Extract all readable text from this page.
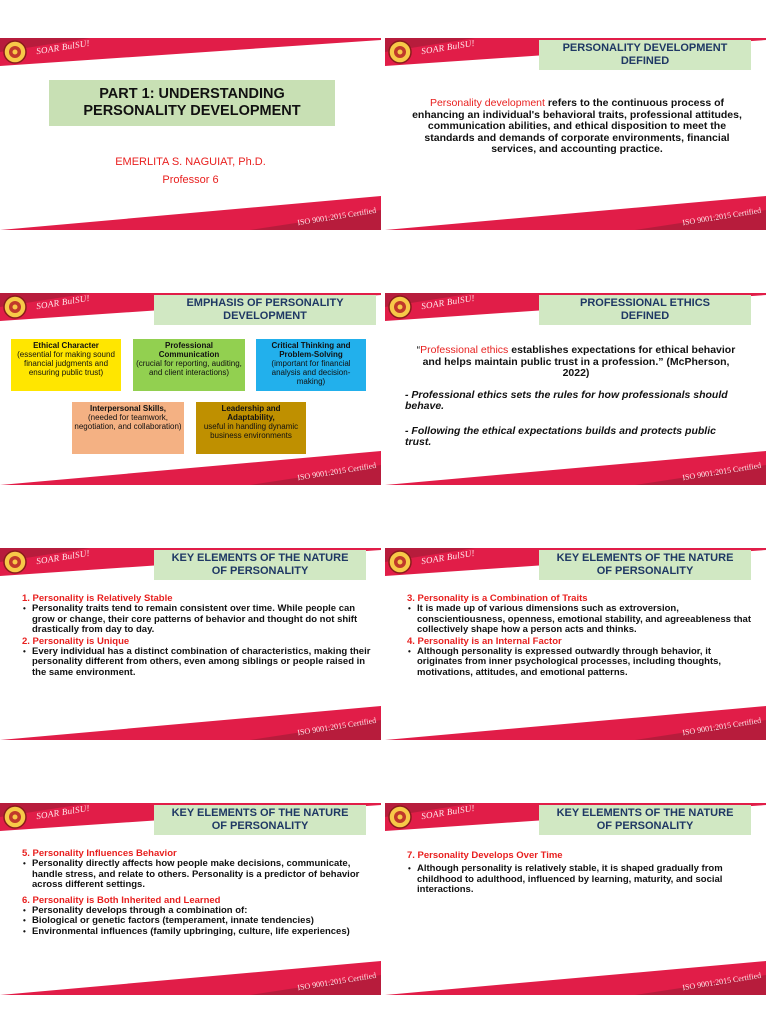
SOAR BulSU!
PART 1: UNDERSTANDING
PERSONALITY DEVELOPMENT
EMERLITA S. NAGUIAT, Ph.D.
Professor 6
ISO 9001:2015 Certified
SOAR BulSU!	PERSONALITY DEVELOPMENT DEFINED
Personality development refers to the continuous process of enhancing an individual's behavioral traits, professional attitudes, communication abilities, and ethical disposition to meet the standards and demands of corporate environments, financial services, and accounting practice.
ISO 9001:2015 Certified
SOAR BulSU!	EMPHASIS OF PERSONALITY DEVELOPMENT
Ethical Character
(essential for making sound financial judgments and ensuring public trust)
Professional Communication
(crucial for reporting, auditing, and client interactions)
Critical Thinking and Problem-Solving
(important for financial analysis and decision-making)
Interpersonal Skills,
(needed for teamwork, negotiation, and collaboration)
Leadership and Adaptability,
useful in handling dynamic business environments
ISO 9001:2015 Certified
SOAR BulSU!	PROFESSIONAL ETHICS DEFINED
“Professional ethics establishes expectations for ethical behavior and helps maintain public trust in a profession.” (McPherson, 2022)
- Professional ethics sets the rules for how professionals should behave.
- Following the ethical expectations builds and protects public trust.
ISO 9001:2015 Certified
SOAR BulSU!	KEY ELEMENTS OF THE NATURE OF PERSONALITY
1. Personality is Relatively Stable
• Personality traits tend to remain consistent over time. While people can grow or change, their core patterns of behavior and thought do not shift drastically from day to day.
2. Personality is Unique
• Every individual has a distinct combination of characteristics, making their personality different from others, even among siblings or people raised in the same environment.
ISO 9001:2015 Certified
SOAR BulSU!	KEY ELEMENTS OF THE NATURE OF PERSONALITY
3. Personality is a Combination of Traits
• It is made up of various dimensions such as extroversion, conscientiousness, openness, emotional stability, and agreeableness that collectively shape how a person acts and thinks.
4. Personality is an Internal Factor
• Although personality is expressed outwardly through behavior, it originates from inner psychological processes, including thoughts, motivations, attitudes, and emotional patterns.
ISO 9001:2015 Certified
SOAR BulSU!	KEY ELEMENTS OF THE NATURE OF PERSONALITY
5. Personality Influences Behavior
• Personality directly affects how people make decisions, communicate, handle stress, and relate to others. Personality is a predictor of behavior across different settings.
6. Personality is Both Inherited and Learned
• Personality develops through a combination of:
• Biological or genetic factors (temperament, innate tendencies)
• Environmental influences (family upbringing, culture, life experiences)
ISO 9001:2015 Certified
SOAR BulSU!	KEY ELEMENTS OF THE NATURE OF PERSONALITY
7. Personality Develops Over Time
• Although personality is relatively stable, it is shaped gradually from childhood to adulthood, influenced by learning, maturity, and social interactions.
ISO 9001:2015 Certified
